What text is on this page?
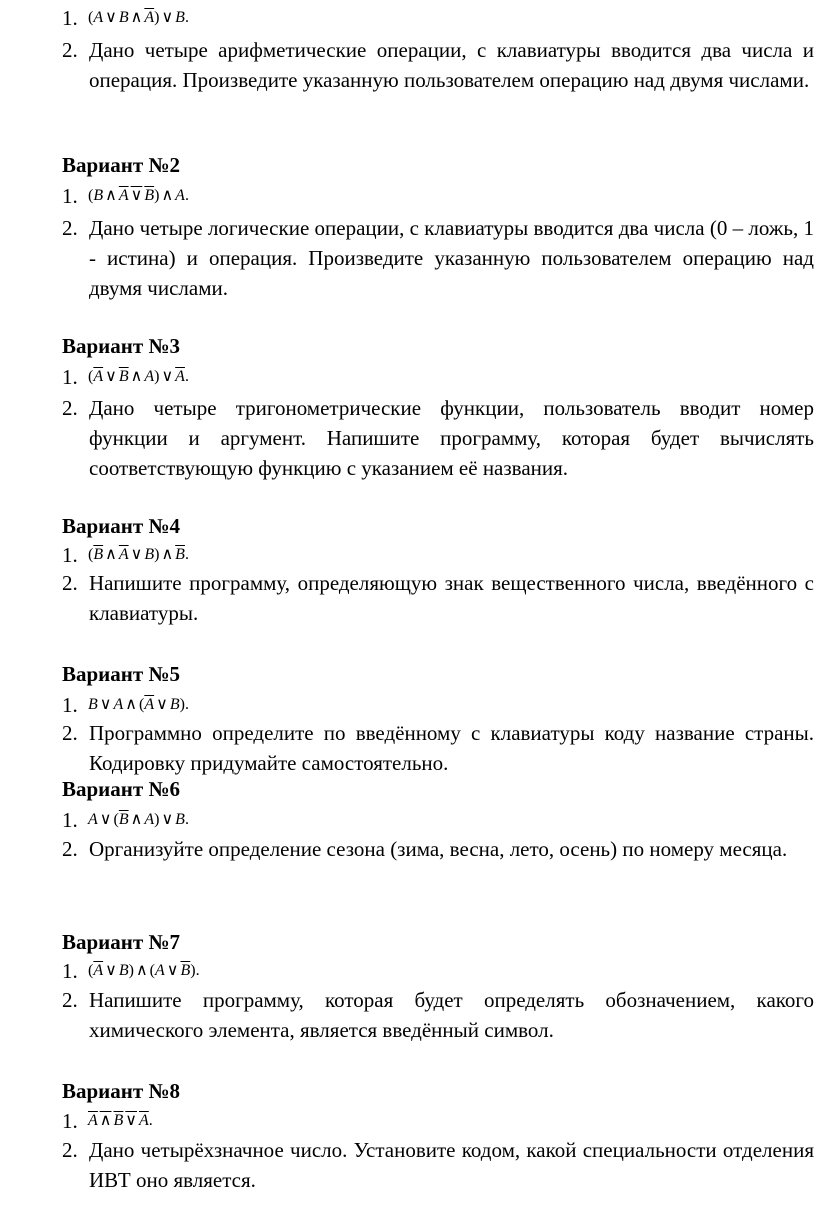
1. (A ∨ B ∧ $\overline{A}$) ∨ B.
2. Дано четыре арифметические операции, с клавиатуры вводится два числа и операция. Произведите указанную пользователем операцию над двумя числами.
Вариант №2
1. (B ∧ A ∨ B) ∧ A.
2. Дано четыре логические операции, с клавиатуры вводится два числа (0 – ложь, 1 - истина) и операция. Произведите указанную пользователем операцию над двумя числами.
Вариант №3
1. ($\overline{A}$ ∨ $\overline{B}$ ∧ A) ∨ $\overline{A}$.
2. Дано четыре тригонометрические функции, пользователь вводит номер функции и аргумент. Напишите программу, которая будет вычислять соответствующую функцию с указанием её названия.
Вариант №4
1. ($\overline{B}$ ∧ $\overline{A}$ ∨ B) ∧ $\overline{B}$.
2. Напишите программу, определяющую знак вещественного числа, введённого с клавиатуры.
Вариант №5
1. B ∨ A ∧ ($\overline{A}$ ∨ B).
2. Программно определите по введённому с клавиатуры коду название страны. Кодировку придумайте самостоятельно.
Вариант №6
1. A ∨ ($\overline{B}$ ∧ A) ∨ B.
2. Организуйте определение сезона (зима, весна, лето, осень) по номеру месяца.
Вариант №7
1. ($\overline{A}$ ∨ B) ∧ (A ∨ $\overline{B}$).
2. Напишите программу, которая будет определять обозначением, какого химического элемента, является введённый символ.
Вариант №8
1. A ∧ B ∨ A.
2. Дано четырёхзначное число. Установите кодом, какой специальности отделения ИВТ оно является.
